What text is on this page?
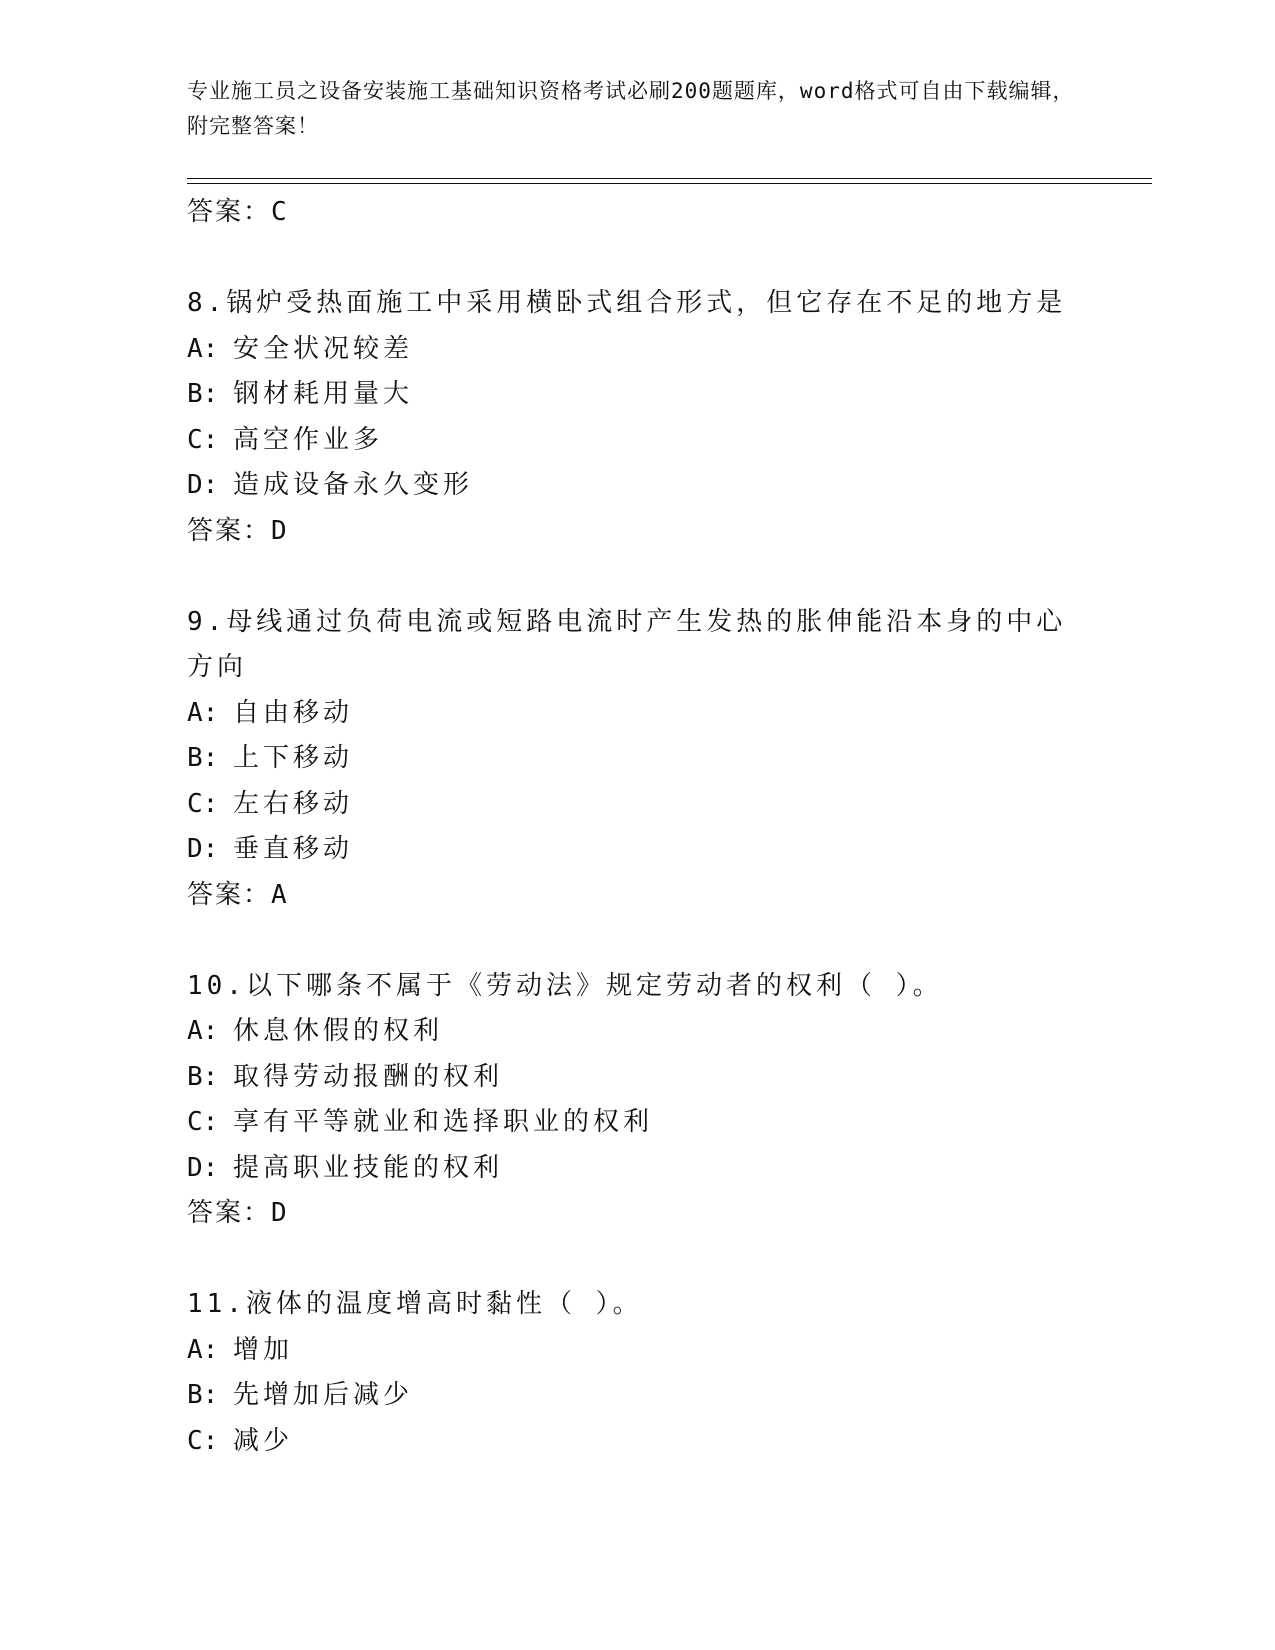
专业施工员之设备安装施工基础知识资格考试必刷200题题库，word格式可自由下载编辑，附完整答案！
答案：C
8.锅炉受热面施工中采用横卧式组合形式，但它存在不足的地方是
A: 安全状况较差
B: 钢材耗用量大
C: 高空作业多
D: 造成设备永久变形
答案：D
9.母线通过负荷电流或短路电流时产生发热的胀伸能沿本身的中心方向
A: 自由移动
B: 上下移动
C: 左右移动
D: 垂直移动
答案：A
10.以下哪条不属于《劳动法》规定劳动者的权利（ ）。
A: 休息休假的权利
B: 取得劳动报酬的权利
C: 享有平等就业和选择职业的权利
D: 提高职业技能的权利
答案：D
11.液体的温度增高时黏性（ ）。
A: 增加
B: 先增加后减少
C: 减少
